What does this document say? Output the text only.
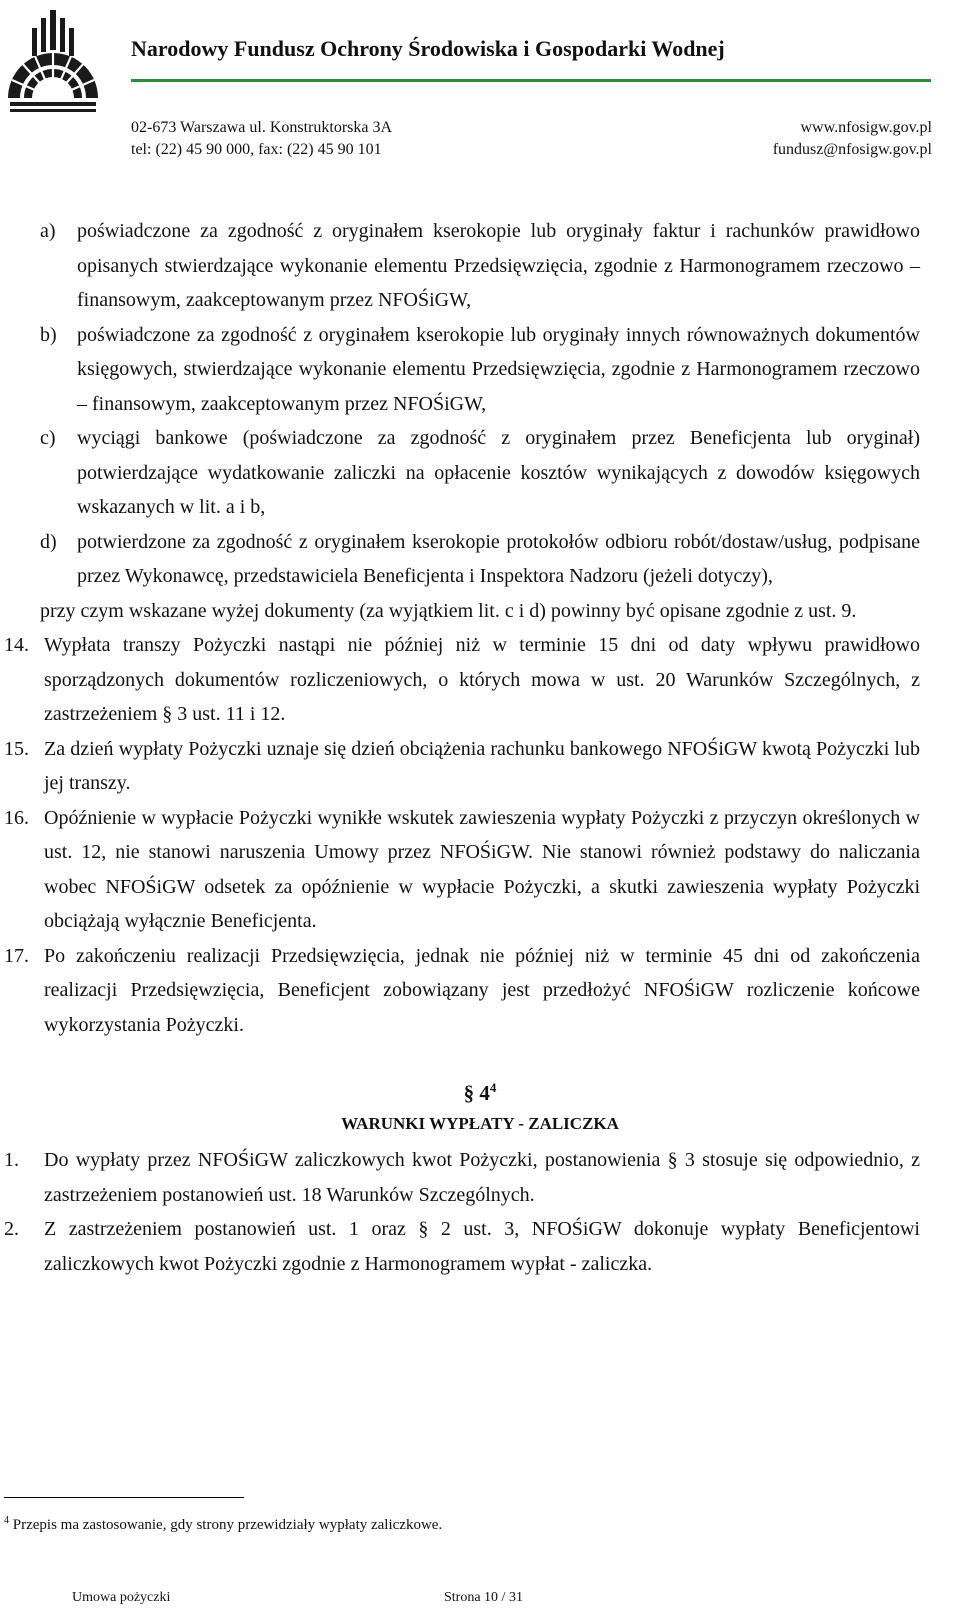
Narodowy Fundusz Ochrony Środowiska i Gospodarki Wodnej
02-673 Warszawa ul. Konstruktorska 3A
tel: (22) 45 90 000, fax: (22) 45 90 101
www.nfosigw.gov.pl
fundusz@nfosigw.gov.pl
a)	poświadczone za zgodność z oryginałem kserokopie lub oryginały faktur i rachunków prawidłowo opisanych stwierdzające wykonanie elementu Przedsięwzięcia, zgodnie z Harmonogramem rzeczowo – finansowym, zaakceptowanym przez NFOŚiGW,
b)	poświadczone za zgodność z oryginałem kserokopie lub oryginały innych równoważnych dokumentów księgowych, stwierdzające wykonanie elementu Przedsięwzięcia, zgodnie z Harmonogramem rzeczowo – finansowym, zaakceptowanym przez NFOŚiGW,
c)	wyciągi bankowe (poświadczone za zgodność z oryginałem przez Beneficjenta lub oryginał) potwierdzające wydatkowanie zaliczki na opłacenie kosztów wynikających z dowodów księgowych wskazanych w lit. a i b,
d)	potwierdzone za zgodność z oryginałem kserokopie protokołów odbioru robót/dostaw/usług, podpisane przez Wykonawcę, przedstawiciela Beneficjenta i Inspektora Nadzoru (jeżeli dotyczy),
przy czym wskazane wyżej dokumenty (za wyjątkiem lit. c i d) powinny być opisane zgodnie z ust. 9.
14. Wypłata transzy Pożyczki nastąpi nie później niż w terminie 15 dni od daty wpływu prawidłowo sporządzonych dokumentów rozliczeniowych, o których mowa w ust. 20 Warunków Szczególnych, z zastrzeżeniem § 3 ust. 11 i 12.
15. Za dzień wypłaty Pożyczki uznaje się dzień obciążenia rachunku bankowego NFOŚiGW kwotą Pożyczki lub jej transzy.
16. Opóźnienie w wypłacie Pożyczki wynikłe wskutek zawieszenia wypłaty Pożyczki z przyczyn określonych w ust. 12, nie stanowi naruszenia Umowy przez NFOŚiGW. Nie stanowi również podstawy do naliczania wobec NFOŚiGW odsetek za opóźnienie w wypłacie Pożyczki, a skutki zawieszenia wypłaty Pożyczki obciążają wyłącznie Beneficjenta.
17. Po zakończeniu realizacji Przedsięwzięcia, jednak nie później niż w terminie 45 dni od zakończenia realizacji Przedsięwzięcia, Beneficjent zobowiązany jest przedłożyć NFOŚiGW rozliczenie końcowe wykorzystania Pożyczki.
§ $4^4$
WARUNKI WYPŁATY - ZALICZKA
1.	Do wypłaty przez NFOŚiGW zaliczkowych kwot Pożyczki, postanowienia § 3 stosuje się odpowiednio, z zastrzeżeniem postanowień ust. 18 Warunków Szczególnych.
2.	Z zastrzeżeniem postanowień ust. 1 oraz § 2 ust. 3, NFOŚiGW dokonuje wypłaty Beneficjentowi zaliczkowych kwot Pożyczki zgodnie z Harmonogramem wypłat - zaliczka.
$^4$ Przepis ma zastosowanie, gdy strony przewidziały wypłaty zaliczkowe.
Umowa pożyczki	Strona 10 / 31
